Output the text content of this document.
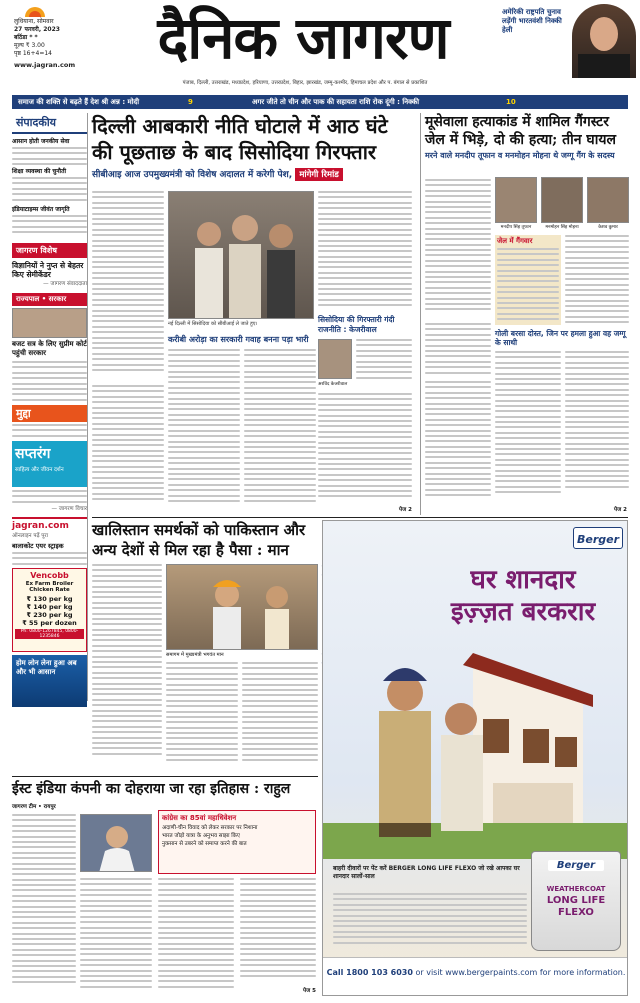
लुधियाना, सोमवार
27 फरवरी, 2023
बठिंडा * *
मूल्य ₹ 3.00
पृष्ठ 16+4=14
www.jagran.com	दैनिक जागरण
पंजाब, दिल्ली, उत्तराखंड, मध्यप्रदेश, हरियाणा, उत्तरप्रदेश, बिहार, झारखंड, जम्मू-कश्मीर, हिमाचल प्रदेश और प. बंगाल से प्रकाशित
अमेरिकी राष्ट्रपति चुनाव लड़ेंगी भारतवंशी निक्की हेली
समाज की शक्ति से बढ़ते हैं देश श्री अन्न : मोदी	9	अगर जीते तो चीन और पाक की सहायता राशि रोक दूंगी : निक्की	10
संपादकीय
आसान होती जनकीय सेवा
शिक्षा व्यवस्था की चुनौती
इंडियाटाइम्स जीवंत जागृति
जागरण विशेष
विज्ञानियों ने नुप्त से बेहतर किए सेमीकेंडर
— जागरण संवाददाता
राज्यपाल • सरकार
बजट सत्र के लिए सुप्रीम कोर्ट पहुंची सरकार
मुद्दा
सप्तरंग
साहित्य और जीवन दर्शन
— जागरण विचार
jagran.com
ऑनलाइन पढ़ें पूरा
बालाकोट एयर स्ट्राइक
Vencobb
Ex Farm Broiler Chicken Rate
₹ 130 per kg
₹ 140 per kg
₹ 230 per kg
₹ 55 per dozen
Ph: 0800-1267845, 0800-1235846
होम लोन लेना हुआ अब और भी आसान
दिल्ली आबकारी नीति घोटाले में आठ घंटे की पूछताछ के बाद सिसोदिया गिरफ्तार
सीबीआइ आज उपमुख्यमंत्री को विशेष अदालत में करेगी पेश, मांगेगी रिमांड
नई दिल्ली में सिसोदिया को सीबीआई ले जाते हुए।	सिसोदिया की गिरफ्तारी गंदी राजनीति : केजरीवाल
अरविंद केजरीवाल
करीबी अरोड़ा का सरकारी गवाह बनना पड़ा भारी
पेज 2
मूसेवाला हत्याकांड में शामिल गैंगस्टर जेल में भिड़े, दो की हत्या; तीन घायल
मरने वाले मनदीप तूफान व मनमोहन मोहना थे जग्गू गैंग के सदस्य
मनदीप सिंह तूफान	मनमोहन सिंह मोहना	केशव कुमार
जेल में गैंगवार
गोली बरसा दोस्त, जिन पर हमला हुआ वह जग्गू के साथी
पेज 2
खालिस्तान समर्थकों को पाकिस्तान और अन्य देशों से मिल रहा है पैसा : मान
समागम में मुख्यमंत्री भगवंत मान
Berger
घर शानदार
इज़्ज़त बरकरार
Berger
WEATHERCOAT
LONG LIFE FLEXO
बाहरी दीवारों पर पेंट करें BERGER LONG LIFE FLEXO जो रखे आपका घर शानदार सालों-साल
Call 1800 103 6030 or visit www.bergerpaints.com for more information.
ईस्ट इंडिया कंपनी का दोहराया जा रहा इतिहास : राहुल
जागरण टीम • रायपुर
कांग्रेस का 85वां महाधिवेशन
अदाणी-चीन विवाद को लेकर सरकार पर निशाना
भारत जोड़ो यात्रा के अनुभव साझा किए
नुकसान से उबरने को समाप्त करने की बात
पेज 5
